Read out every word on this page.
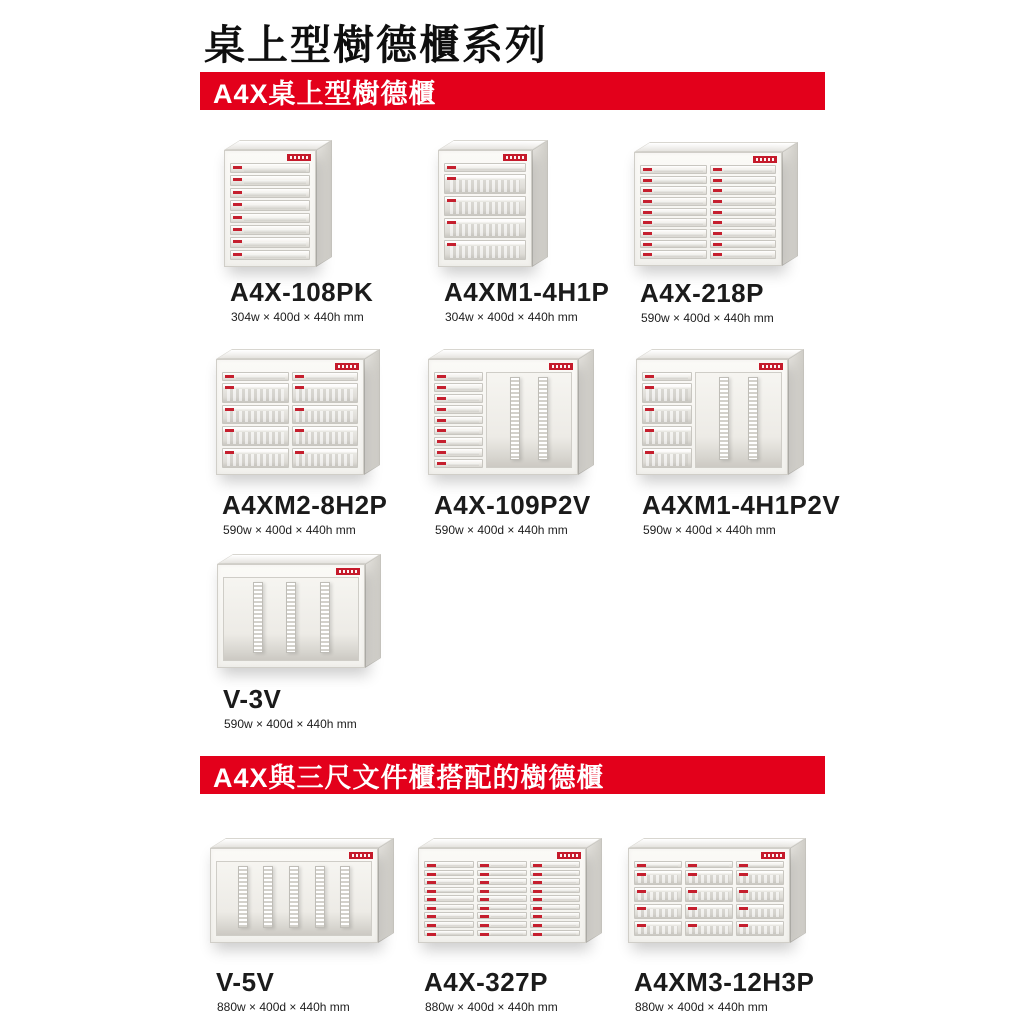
桌上型樹德櫃系列
A4X桌上型樹德櫃
A4X與三尺文件櫃搭配的樹德櫃
A4X-108PK
304w × 400d × 440h mm
A4XM1-4H1P
304w × 400d × 440h mm
A4X-218P
590w × 400d × 440h mm
A4XM2-8H2P
590w × 400d × 440h mm
A4X-109P2V
590w × 400d × 440h mm
A4XM1-4H1P2V
590w × 400d × 440h mm
V-3V
590w × 400d × 440h mm
V-5V
880w × 400d × 440h mm
A4X-327P
880w × 400d × 440h mm
A4XM3-12H3P
880w × 400d × 440h mm
